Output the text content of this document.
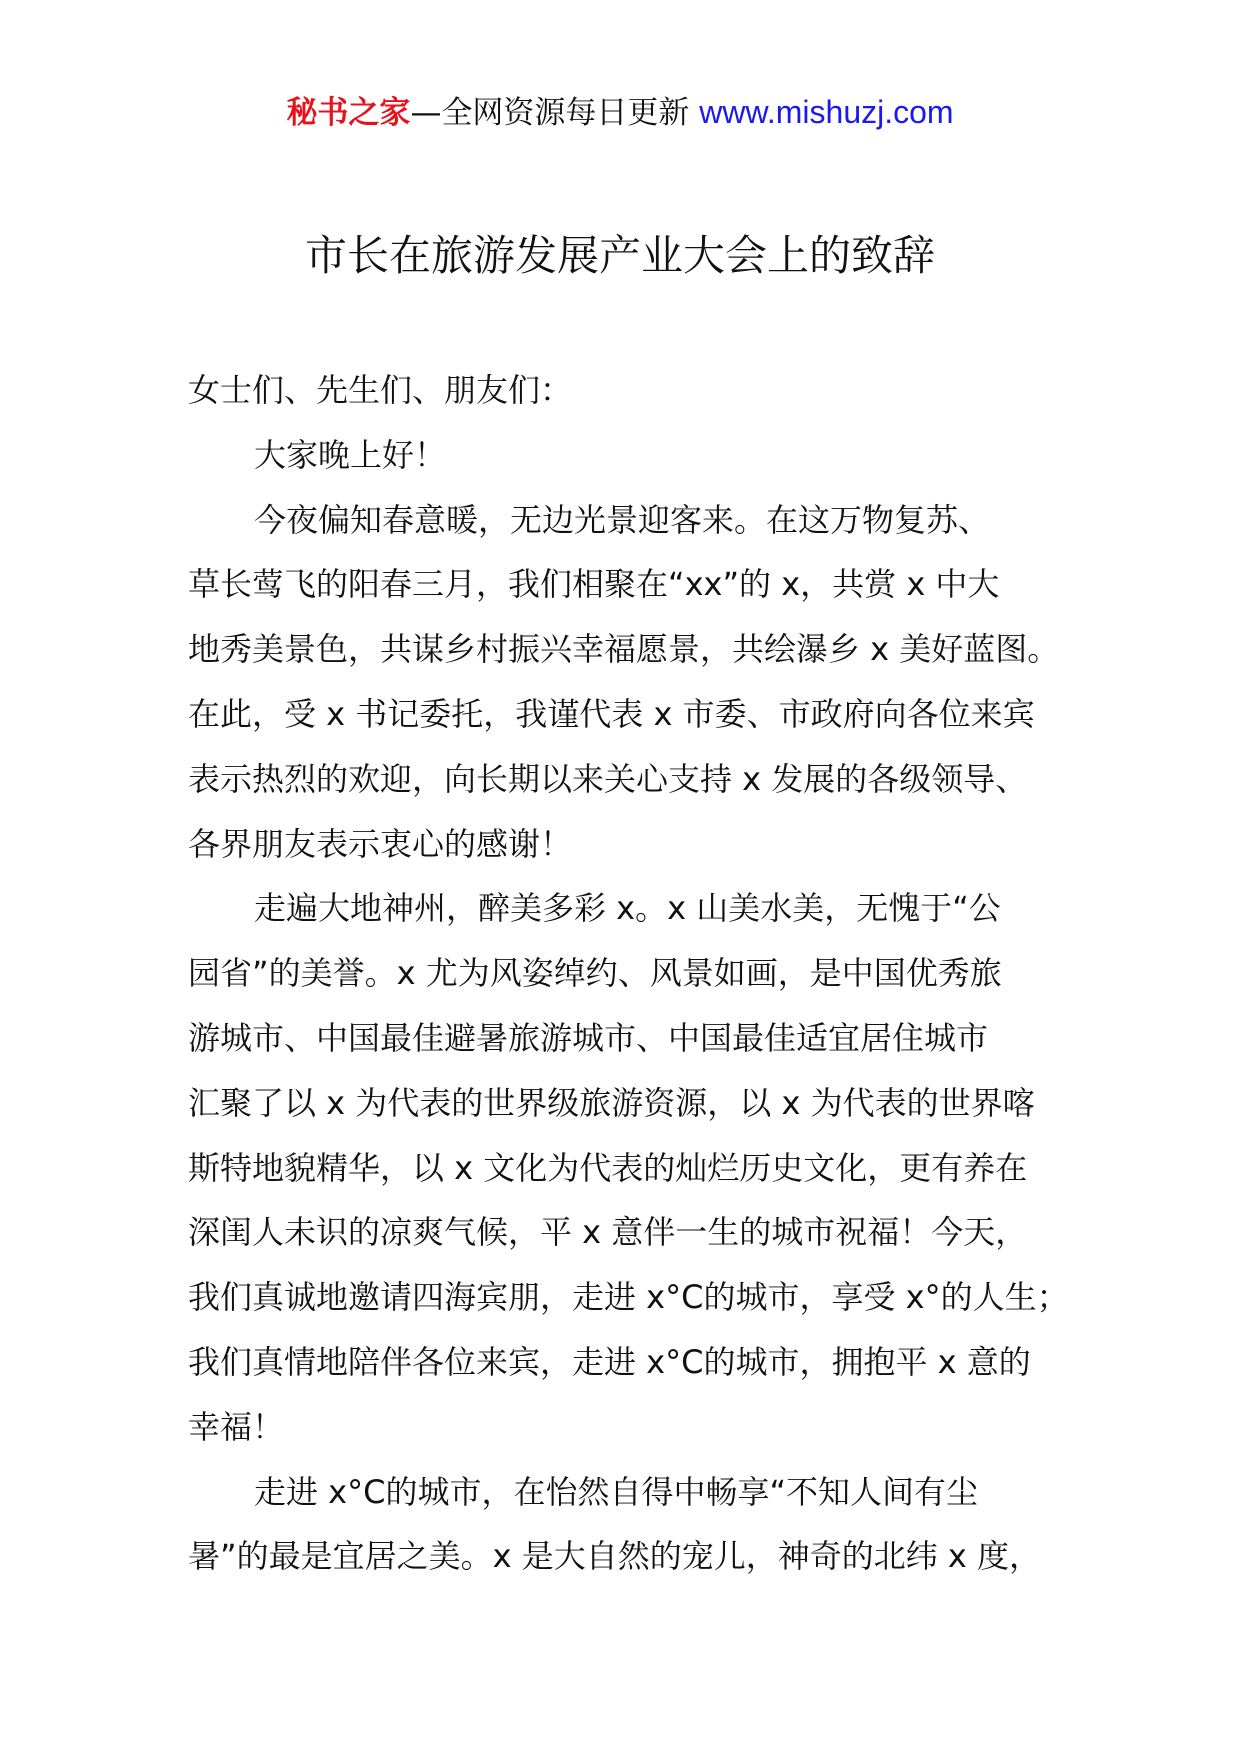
秘书之家—全网资源每日更新 www.mishuzj.com
市长在旅游发展产业大会上的致辞
女士们、先生们、朋友们：
大家晚上好！
今夜偏知春意暖，无边光景迎客来。在这万物复苏、
草长莺飞的阳春三月，我们相聚在“xx”的 x，共赏 x 中大
地秀美景色，共谋乡村振兴幸福愿景，共绘瀑乡 x 美好蓝图。
在此，受 x 书记委托，我谨代表 x 市委、市政府向各位来宾
表示热烈的欢迎，向长期以来关心支持 x 发展的各级领导、
各界朋友表示衷心的感谢！
走遍大地神州，醉美多彩 x。x 山美水美，无愧于“公
园省”的美誉。x 尤为风姿绰约、风景如画，是中国优秀旅
游城市、中国最佳避暑旅游城市、中国最佳适宜居住城市
汇聚了以 x 为代表的世界级旅游资源，以 x 为代表的世界喀
斯特地貌精华，以 x 文化为代表的灿烂历史文化，更有养在
深闺人未识的凉爽气候，平 x 意伴一生的城市祝福！今天，
我们真诚地邀请四海宾朋，走进 x°C的城市，享受 x°的人生；
我们真情地陪伴各位来宾，走进 x°C的城市，拥抱平 x 意的
幸福！
走进 x°C的城市，在怡然自得中畅享“不知人间有尘
暑”的最是宜居之美。x 是大自然的宠儿，神奇的北纬 x 度，
